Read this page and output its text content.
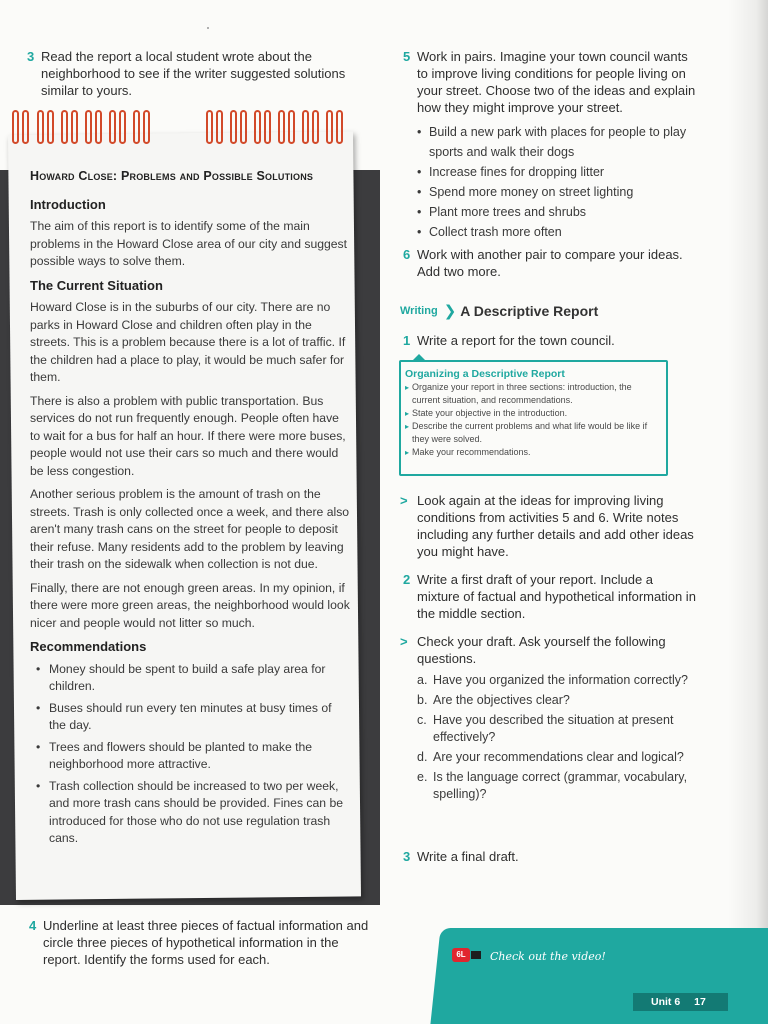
3 Read the report a local student wrote about the neighborhood to see if the writer suggested solutions similar to yours.
Howard Close: Problems and Possible Solutions
Introduction

The aim of this report is to identify some of the main problems in the Howard Close area of our city and suggest possible ways to solve them.

The Current Situation

Howard Close is in the suburbs of our city. There are no parks in Howard Close and children often play in the streets. This is a problem because there is a lot of traffic. If the children had a place to play, it would be much safer for them.

There is also a problem with public transportation. Bus services do not run frequently enough. People often have to wait for a bus for half an hour. If there were more buses, people would not use their cars so much and there would be less congestion.

Another serious problem is the amount of trash on the streets. Trash is only collected once a week, and there also aren't many trash cans on the street for people to deposit their refuse. Many residents add to the problem by leaving their trash on the sidewalk when collection is not due.

Finally, there are not enough green areas. In my opinion, if there were more green areas, the neighborhood would look nicer and people would not litter so much.

Recommendations
• Money should be spent to build a safe play area for children.
• Buses should run every ten minutes at busy times of the day.
• Trees and flowers should be planted to make the neighborhood more attractive.
• Trash collection should be increased to two per week, and more trash cans should be provided. Fines can be introduced for those who do not use regulation trash cans.
4 Underline at least three pieces of factual information and circle three pieces of hypothetical information in the report. Identify the forms used for each.
5 Work in pairs. Imagine your town council wants to improve living conditions for people living on your street. Choose two of the ideas and explain how they might improve your street.
• Build a new park with places for people to play sports and walk their dogs
• Increase fines for dropping litter
• Spend more money on street lighting
• Plant more trees and shrubs
• Collect trash more often
6 Work with another pair to compare your ideas. Add two more.
Writing ❯ A Descriptive Report
1 Write a report for the town council.
Organizing a Descriptive Report
▸ Organize your report in three sections: introduction, the current situation, and recommendations.
▸ State your objective in the introduction.
▸ Describe the current problems and what life would be like if they were solved.
▸ Make your recommendations.
> Look again at the ideas for improving living conditions from activities 5 and 6. Write notes including any further details and add other ideas you might have.
2 Write a first draft of your report. Include a mixture of factual and hypothetical information in the middle section.
> Check your draft. Ask yourself the following questions.
a. Have you organized the information correctly?
b. Are the objectives clear?
c. Have you described the situation at present effectively?
d. Are your recommendations clear and logical?
e. Is the language correct (grammar, vocabulary, spelling)?
3 Write a final draft.
6L	Check out the video!
Unit 6 17
